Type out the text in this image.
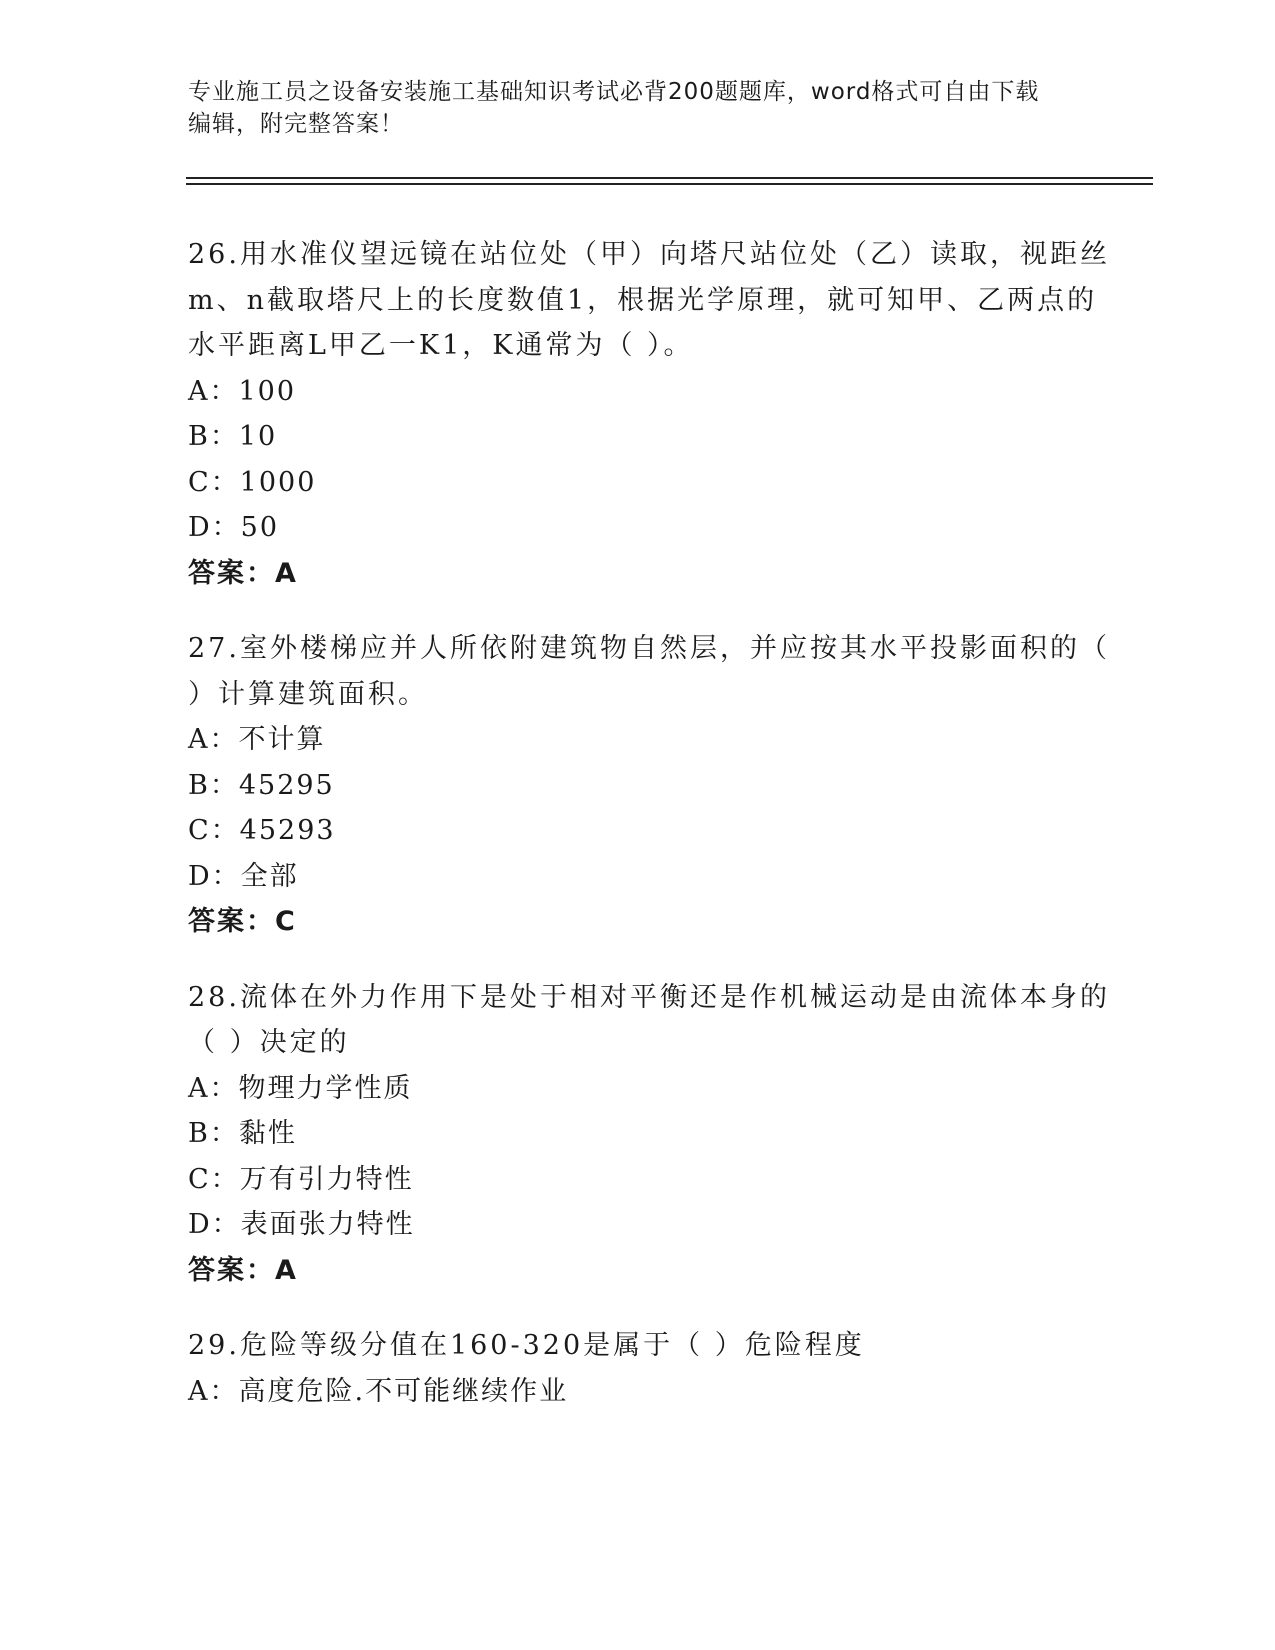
专业施工员之设备安装施工基础知识考试必背200题题库，word格式可自由下载
编辑，附完整答案！
26.用水准仪望远镜在站位处（甲）向塔尺站位处（乙）读取，视距丝
m、n截取塔尺上的长度数值1，根据光学原理，就可知甲、乙两点的
水平距离L甲乙一K1，K通常为（ ）。
A：100
B：10
C：1000
D：50
答案：A
27.室外楼梯应并人所依附建筑物自然层，并应按其水平投影面积的（
）计算建筑面积。
A：不计算
B：45295
C：45293
D：全部
答案：C
28.流体在外力作用下是处于相对平衡还是作机械运动是由流体本身的
（ ）决定的
A：物理力学性质
B：黏性
C：万有引力特性
D：表面张力特性
答案：A
29.危险等级分值在160-320是属于（ ）危险程度
A：高度危险.不可能继续作业
